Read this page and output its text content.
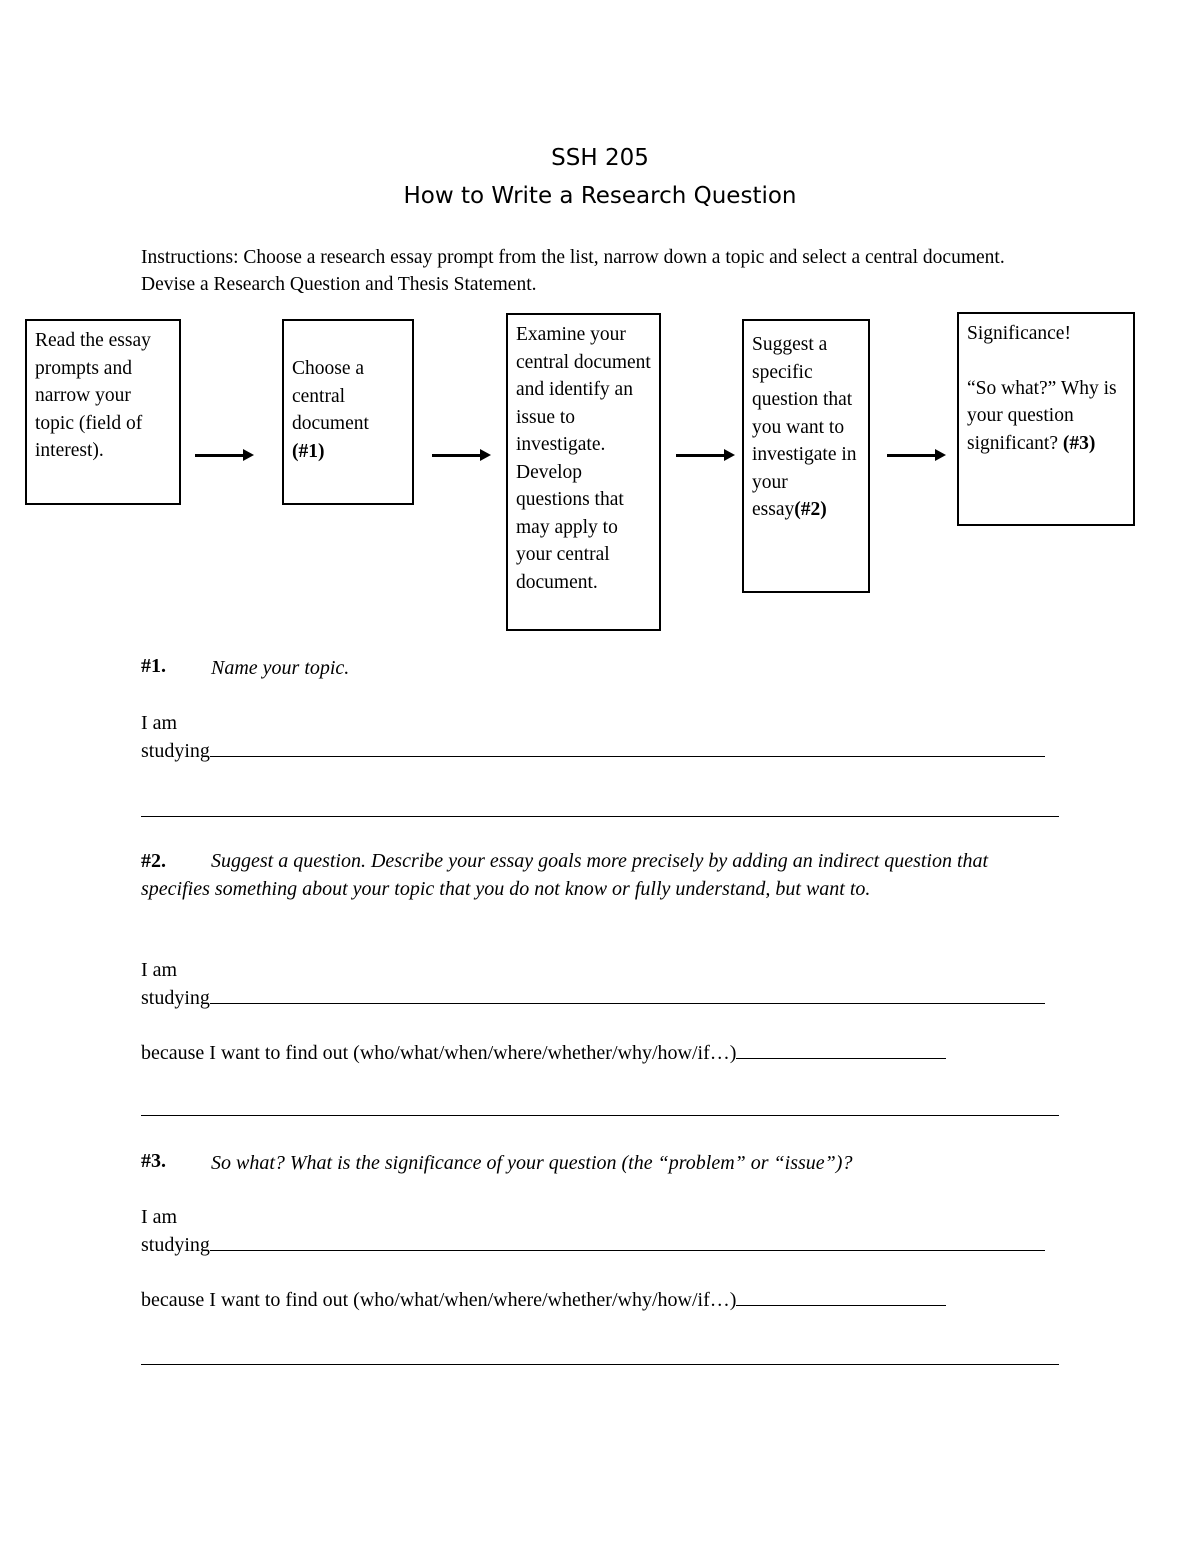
SSH 205
How to Write a Research Question
Instructions: Choose a research essay prompt from the list, narrow down a topic and select a central document. Devise a Research Question and Thesis Statement.

Read the essay prompts and narrow your topic (field of interest).

Choose a central document (#1)

Examine your central document and identify an issue to investigate. Develop questions that may apply to your central document.

Suggest a specific question that you want to investigate in your essay(#2)

Significance!

“So what?” Why is your question significant? (#3)

#1. Name your topic.
I am
studying
#2. Suggest a question. Describe your essay goals more precisely by adding an indirect question that specifies something about your topic that you do not know or fully understand, but want to.
I am
studying
because I want to find out (who/what/when/where/whether/why/how/if…)
#3. So what? What is the significance of your question (the “problem” or “issue”)?
I am
studying
because I want to find out (who/what/when/where/whether/why/how/if…)
